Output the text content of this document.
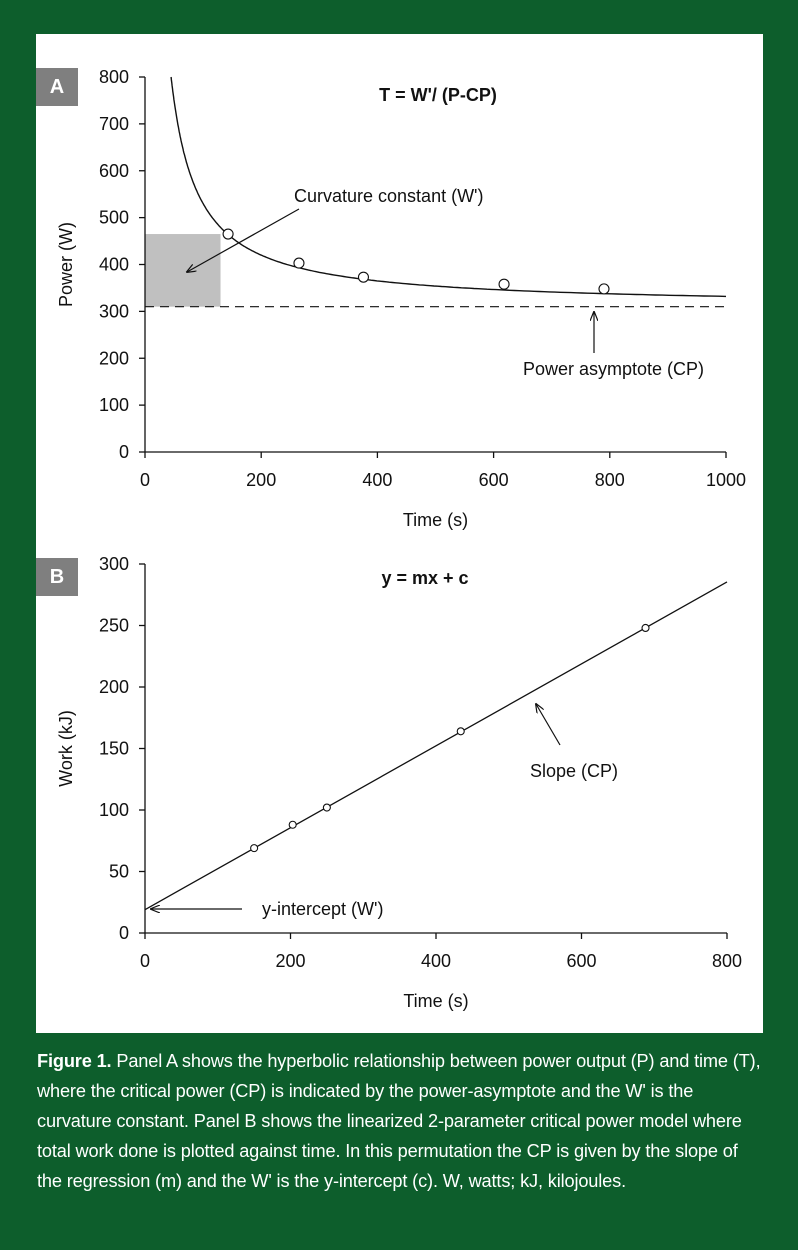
0
100
200
300
400
500
600
700
800
0	200	400	600	800	1000
Time (s)
Power (W)
T = W'/ (P-CP)
Curvature constant (W')
Power asymptote (CP)
0
50
100
150
200
250
300
0	200	400	600	800
Time (s)
Work (kJ)
y = mx + c
Slope (CP)
y-intercept (W')
A
B
Figure 1. Panel A shows the hyperbolic relationship between power output (P) and time (T), where the critical power (CP) is indicated by the power-asymptote and the W' is the curvature constant. Panel B shows the linearized 2-parameter critical power model where total work done is plotted against time. In this permutation the CP is given by the slope of the regression (m) and the W' is the y-intercept (c). W, watts; kJ, kilojoules.
